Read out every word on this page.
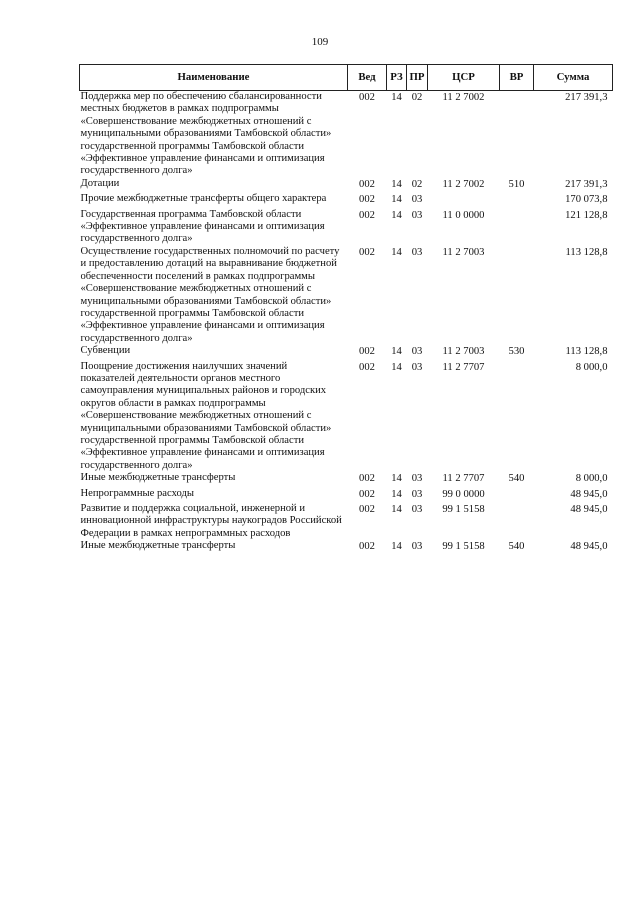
109
Наименование	Вед	РЗ	ПР	ЦСР	ВР	Сумма
Поддержка мер по обеспечению сбалансированности местных бюджетов в рамках подпрограммы «Совершенствование межбюджетных отношений с муниципальными образованиями Тамбовской области» государственной программы Тамбовской области «Эффективное управление финансами и оптимизация государственного долга»	002	14	02	11 2 7002		217 391,3
Дотации	002	14	02	11 2 7002	510	217 391,3
Прочие межбюджетные трансферты общего характера	002	14	03			170 073,8
Государственная программа Тамбовской области «Эффективное управление финансами и оптимизация государственного долга»	002	14	03	11 0 0000		121 128,8
Осуществление государственных полномочий по расчету и предоставлению дотаций на выравнивание бюджетной обеспеченности поселений в рамках подпрограммы «Совершенствование межбюджетных отношений с муниципальными образованиями Тамбовской области» государственной программы Тамбовской области «Эффективное управление финансами и оптимизация государственного долга»	002	14	03	11 2 7003		113 128,8
Субвенции	002	14	03	11 2 7003	530	113 128,8
Поощрение достижения наилучших значений показателей деятельности органов местного самоуправления муниципальных районов и городских округов области в рамках подпрограммы «Совершенствование межбюджетных отношений с муниципальными образованиями Тамбовской области» государственной программы Тамбовской области «Эффективное управление финансами и оптимизация государственного долга»	002	14	03	11 2 7707		8 000,0
Иные межбюджетные трансферты	002	14	03	11 2 7707	540	8 000,0
Непрограммные расходы	002	14	03	99 0 0000		48 945,0
Развитие и поддержка социальной, инженерной и инновационной инфраструктуры наукоградов Российской Федерации в рамках непрограммных расходов	002	14	03	99 1 5158		48 945,0
Иные межбюджетные трансферты	002	14	03	99 1 5158	540	48 945,0
